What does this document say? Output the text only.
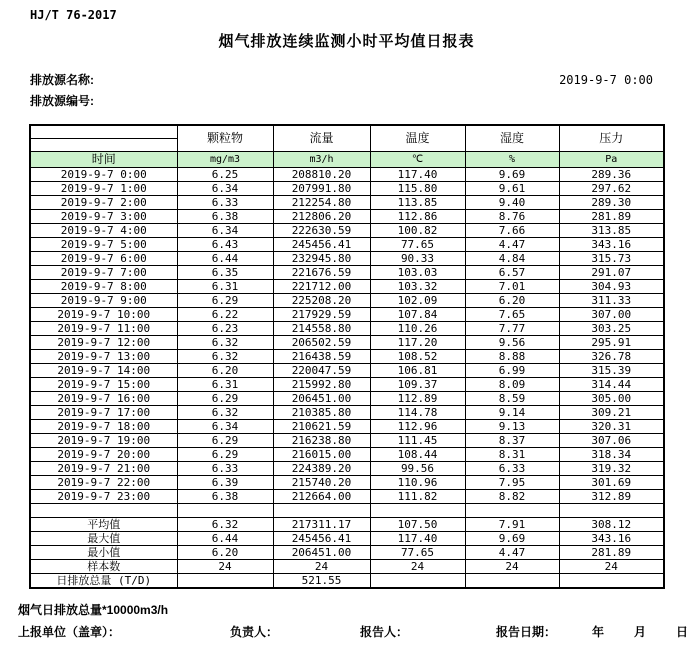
HJ/T 76-2017
烟气排放连续监测小时平均值日报表
排放源名称:	2019-9-7 0:00
排放源编号:
	颗粒物	流量	温度	湿度	压力

时间	mg/m3	m3/h	℃	%	Pa
2019-9-7 0:00	6.25	208810.20	117.40	9.69	289.36
2019-9-7 1:00	6.34	207991.80	115.80	9.61	297.62
2019-9-7 2:00	6.33	212254.80	113.85	9.40	289.30
2019-9-7 3:00	6.38	212806.20	112.86	8.76	281.89
2019-9-7 4:00	6.34	222630.59	100.82	7.66	313.85
2019-9-7 5:00	6.43	245456.41	77.65	4.47	343.16
2019-9-7 6:00	6.44	232945.80	90.33	4.84	315.73
2019-9-7 7:00	6.35	221676.59	103.03	6.57	291.07
2019-9-7 8:00	6.31	221712.00	103.32	7.01	304.93
2019-9-7 9:00	6.29	225208.20	102.09	6.20	311.33
2019-9-7 10:00	6.22	217929.59	107.84	7.65	307.00
2019-9-7 11:00	6.23	214558.80	110.26	7.77	303.25
2019-9-7 12:00	6.32	206502.59	117.20	9.56	295.91
2019-9-7 13:00	6.32	216438.59	108.52	8.88	326.78
2019-9-7 14:00	6.20	220047.59	106.81	6.99	315.39
2019-9-7 15:00	6.31	215992.80	109.37	8.09	314.44
2019-9-7 16:00	6.29	206451.00	112.89	8.59	305.00
2019-9-7 17:00	6.32	210385.80	114.78	9.14	309.21
2019-9-7 18:00	6.34	210621.59	112.96	9.13	320.31
2019-9-7 19:00	6.29	216238.80	111.45	8.37	307.06
2019-9-7 20:00	6.29	216015.00	108.44	8.31	318.34
2019-9-7 21:00	6.33	224389.20	99.56	6.33	319.32
2019-9-7 22:00	6.39	215740.20	110.96	7.95	301.69
2019-9-7 23:00	6.38	212664.00	111.82	8.82	312.89

平均值	6.32	217311.17	107.50	7.91	308.12
最大值	6.44	245456.41	117.40	9.69	343.16
最小值	6.20	206451.00	77.65	4.47	281.89
样本数	24	24	24	24	24
日排放总量 (T/D)		521.55			
烟气日排放总量*10000m3/h
上报单位（盖章）：	负责人：	报告人：	报告日期：	年 月 日
